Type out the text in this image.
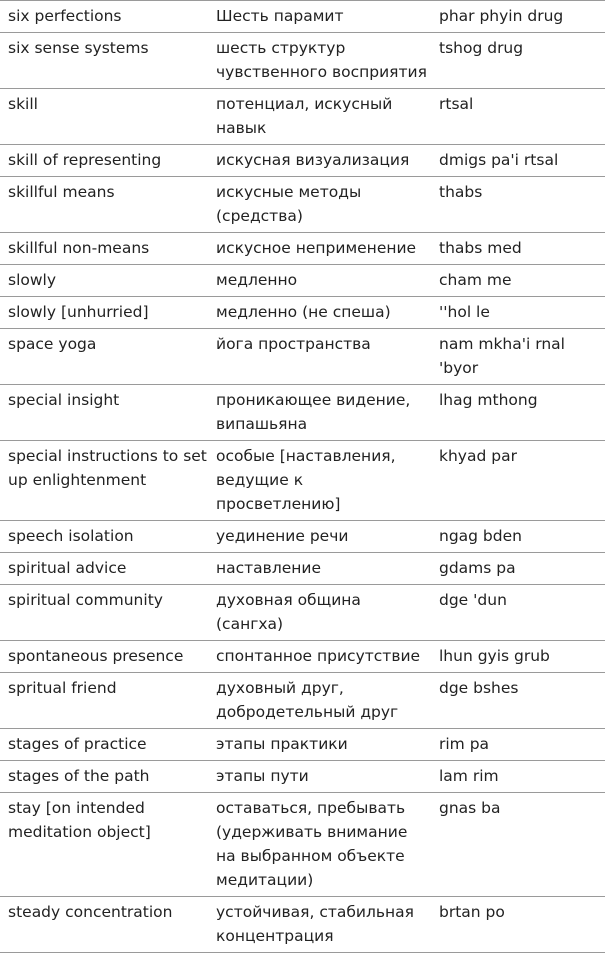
six perfections	Шесть парамит	phar phyin drug

six sense systems	шесть структур чувственного восприятия	tshog drug

skill	потенциал, искусный навык	rtsal

skill of representing	искусная визуализация	dmigs pa'i rtsal

skillful means	искусные методы (средства)	thabs

skillful non-means	искусное неприменение	thabs med

slowly	медленно	cham me

slowly [unhurried]	медленно (не спеша)	''hol le

space yoga	йога пространства	nam mkha'i rnal 'byor

special insight	проникающее видение, випашьяна	lhag mthong

special instructions to set up enlightenment	особые [наставления, ведущие к просветлению]	khyad par

speech isolation	уединение речи	ngag bden

spiritual advice	наставление	gdams pa

spiritual community	духовная община (сангха)	dge 'dun

spontaneous presence	спонтанное присутствие	lhun gyis grub

spritual friend	духовный друг, добродетельный друг	dge bshes

stages of practice	этапы практики	rim pa

stages of the path	этапы пути	lam rim

stay [on intended meditation object]	оставаться, пребывать (удерживать внимание на выбранном объекте медитации)	gnas ba

steady concentration	устойчивая, стабильная концентрация	brtan po
